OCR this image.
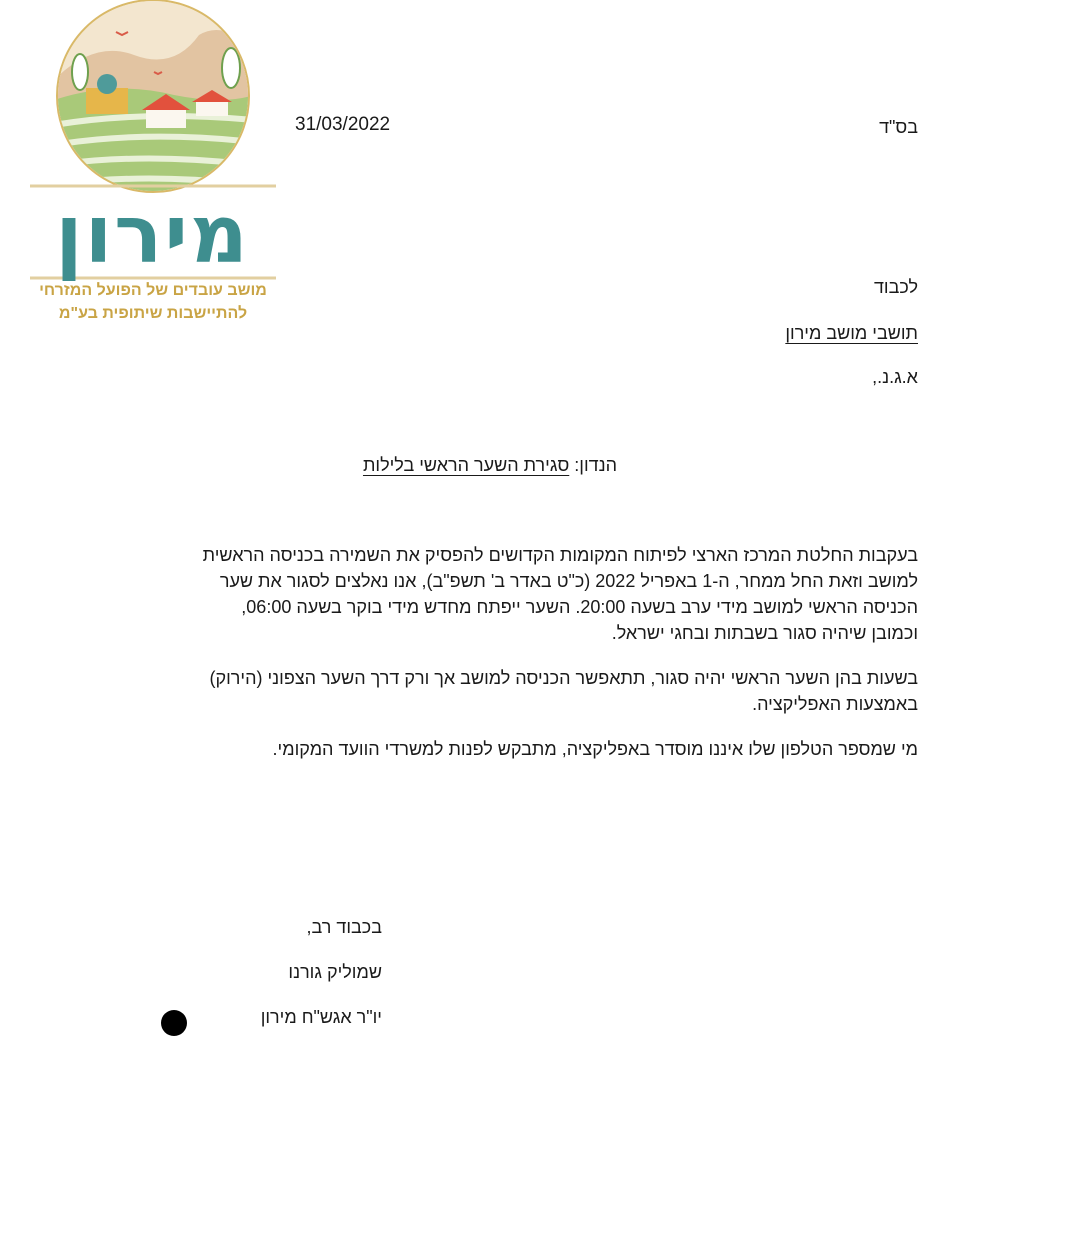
מירון
מושב עובדים של הפועל המזרחי
להתיישבות שיתופית בע"מ
31/03/2022	בס"ד
לכבוד
תושבי מושב מירון
א.ג.נ.,
הנדון: סגירת השער הראשי בלילות

בעקבות החלטת המרכז הארצי לפיתוח המקומות הקדושים להפסיק את השמירה בכניסה הראשית

למושב וזאת החל ממחר, ה-1 באפריל 2022 (כ"ט באדר ב' תשפ"ב), אנו נאלצים לסגור את שער

הכניסה הראשי למושב מידי ערב בשעה 20:00. השער ייפתח מחדש מידי בוקר בשעה 06:00,

וכמובן שיהיה סגור בשבתות ובחגי ישראל.

בשעות בהן השער הראשי יהיה סגור, תתאפשר הכניסה למושב אך ורק דרך השער הצפוני (הירוק)

באמצעות האפליקציה.

מי שמספר הטלפון שלו איננו מוסדר באפליקציה, מתבקש לפנות למשרדי הוועד המקומי.
בכבוד רב,
שמוליק גורנו
יו"ר אגש"ח מירון
